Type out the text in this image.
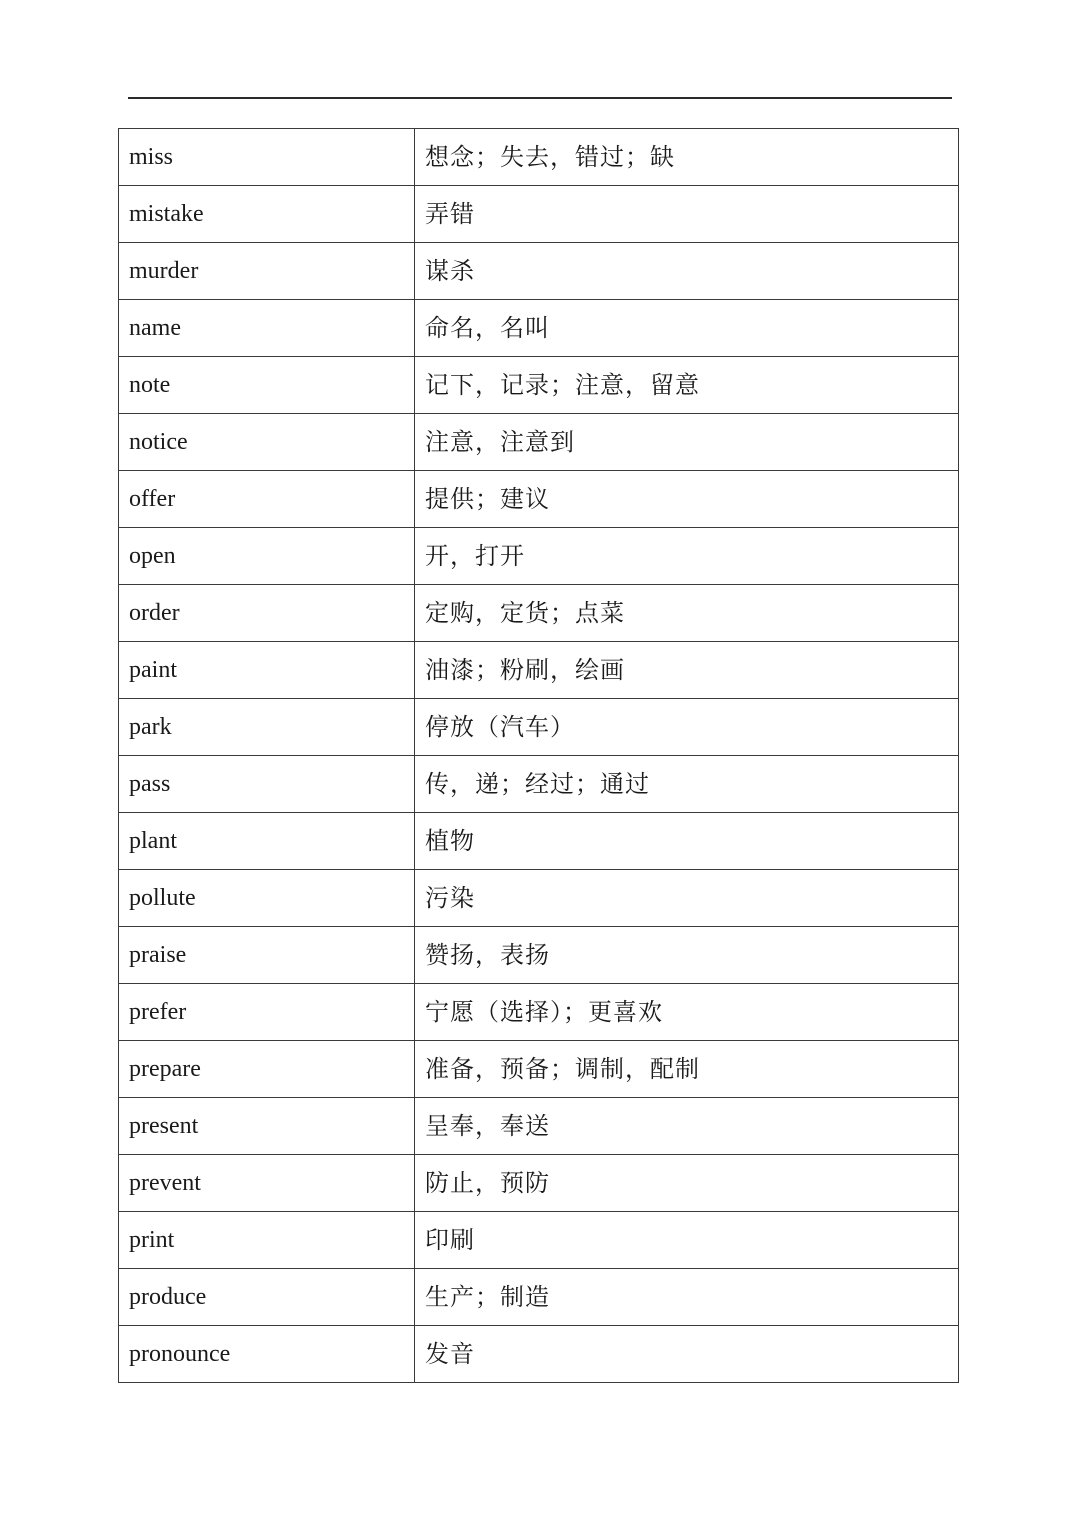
miss	想念；失去，错过；缺
mistake	弄错
murder	谋杀
name	命名，名叫
note	记下，记录；注意，留意
notice	注意，注意到
offer	提供；建议
open	开，打开
order	定购，定货；点菜
paint	油漆；粉刷，绘画
park	停放（汽车）
pass	传，递；经过；通过
plant	植物
pollute	污染
praise	赞扬，表扬
prefer	宁愿（选择）；更喜欢
prepare	准备，预备；调制，配制
present	呈奉，奉送
prevent	防止，预防
print	印刷
produce	生产；制造
pronounce	发音
